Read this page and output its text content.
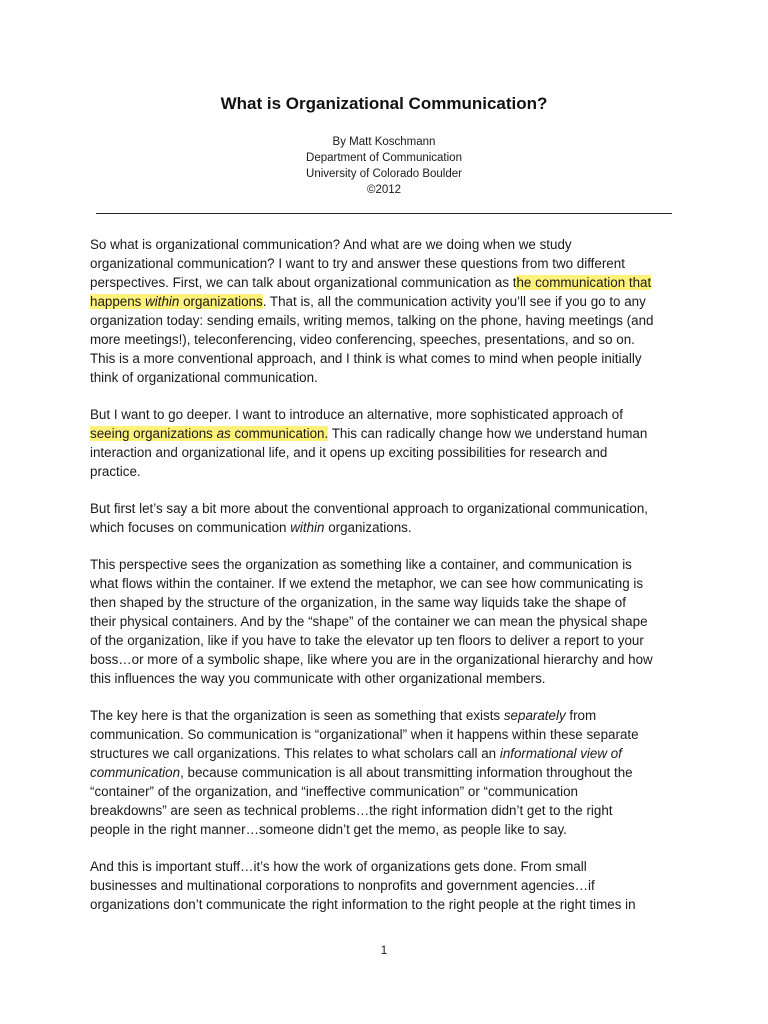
What is Organizational Communication?
By Matt Koschmann
Department of Communication
University of Colorado Boulder
©2012
So what is organizational communication? And what are we doing when we study
organizational communication? I want to try and answer these questions from two different
perspectives. First, we can talk about organizational communication as the communication that
happens within organizations. That is, all the communication activity you’ll see if you go to any
organization today: sending emails, writing memos, talking on the phone, having meetings (and
more meetings!), teleconferencing, video conferencing, speeches, presentations, and so on.
This is a more conventional approach, and I think is what comes to mind when people initially
think of organizational communication.
But I want to go deeper. I want to introduce an alternative, more sophisticated approach of
seeing organizations as communication. This can radically change how we understand human
interaction and organizational life, and it opens up exciting possibilities for research and
practice.
But first let’s say a bit more about the conventional approach to organizational communication,
which focuses on communication within organizations.
This perspective sees the organization as something like a container, and communication is
what flows within the container. If we extend the metaphor, we can see how communicating is
then shaped by the structure of the organization, in the same way liquids take the shape of
their physical containers. And by the “shape” of the container we can mean the physical shape
of the organization, like if you have to take the elevator up ten floors to deliver a report to your
boss…or more of a symbolic shape, like where you are in the organizational hierarchy and how
this influences the way you communicate with other organizational members.
The key here is that the organization is seen as something that exists separately from
communication. So communication is “organizational” when it happens within these separate
structures we call organizations. This relates to what scholars call an informational view of
communication, because communication is all about transmitting information throughout the
“container” of the organization, and “ineffective communication” or “communication
breakdowns” are seen as technical problems…the right information didn’t get to the right
people in the right manner…someone didn’t get the memo, as people like to say.
And this is important stuff…it’s how the work of organizations gets done. From small
businesses and multinational corporations to nonprofits and government agencies…if
organizations don’t communicate the right information to the right people at the right times in
1
